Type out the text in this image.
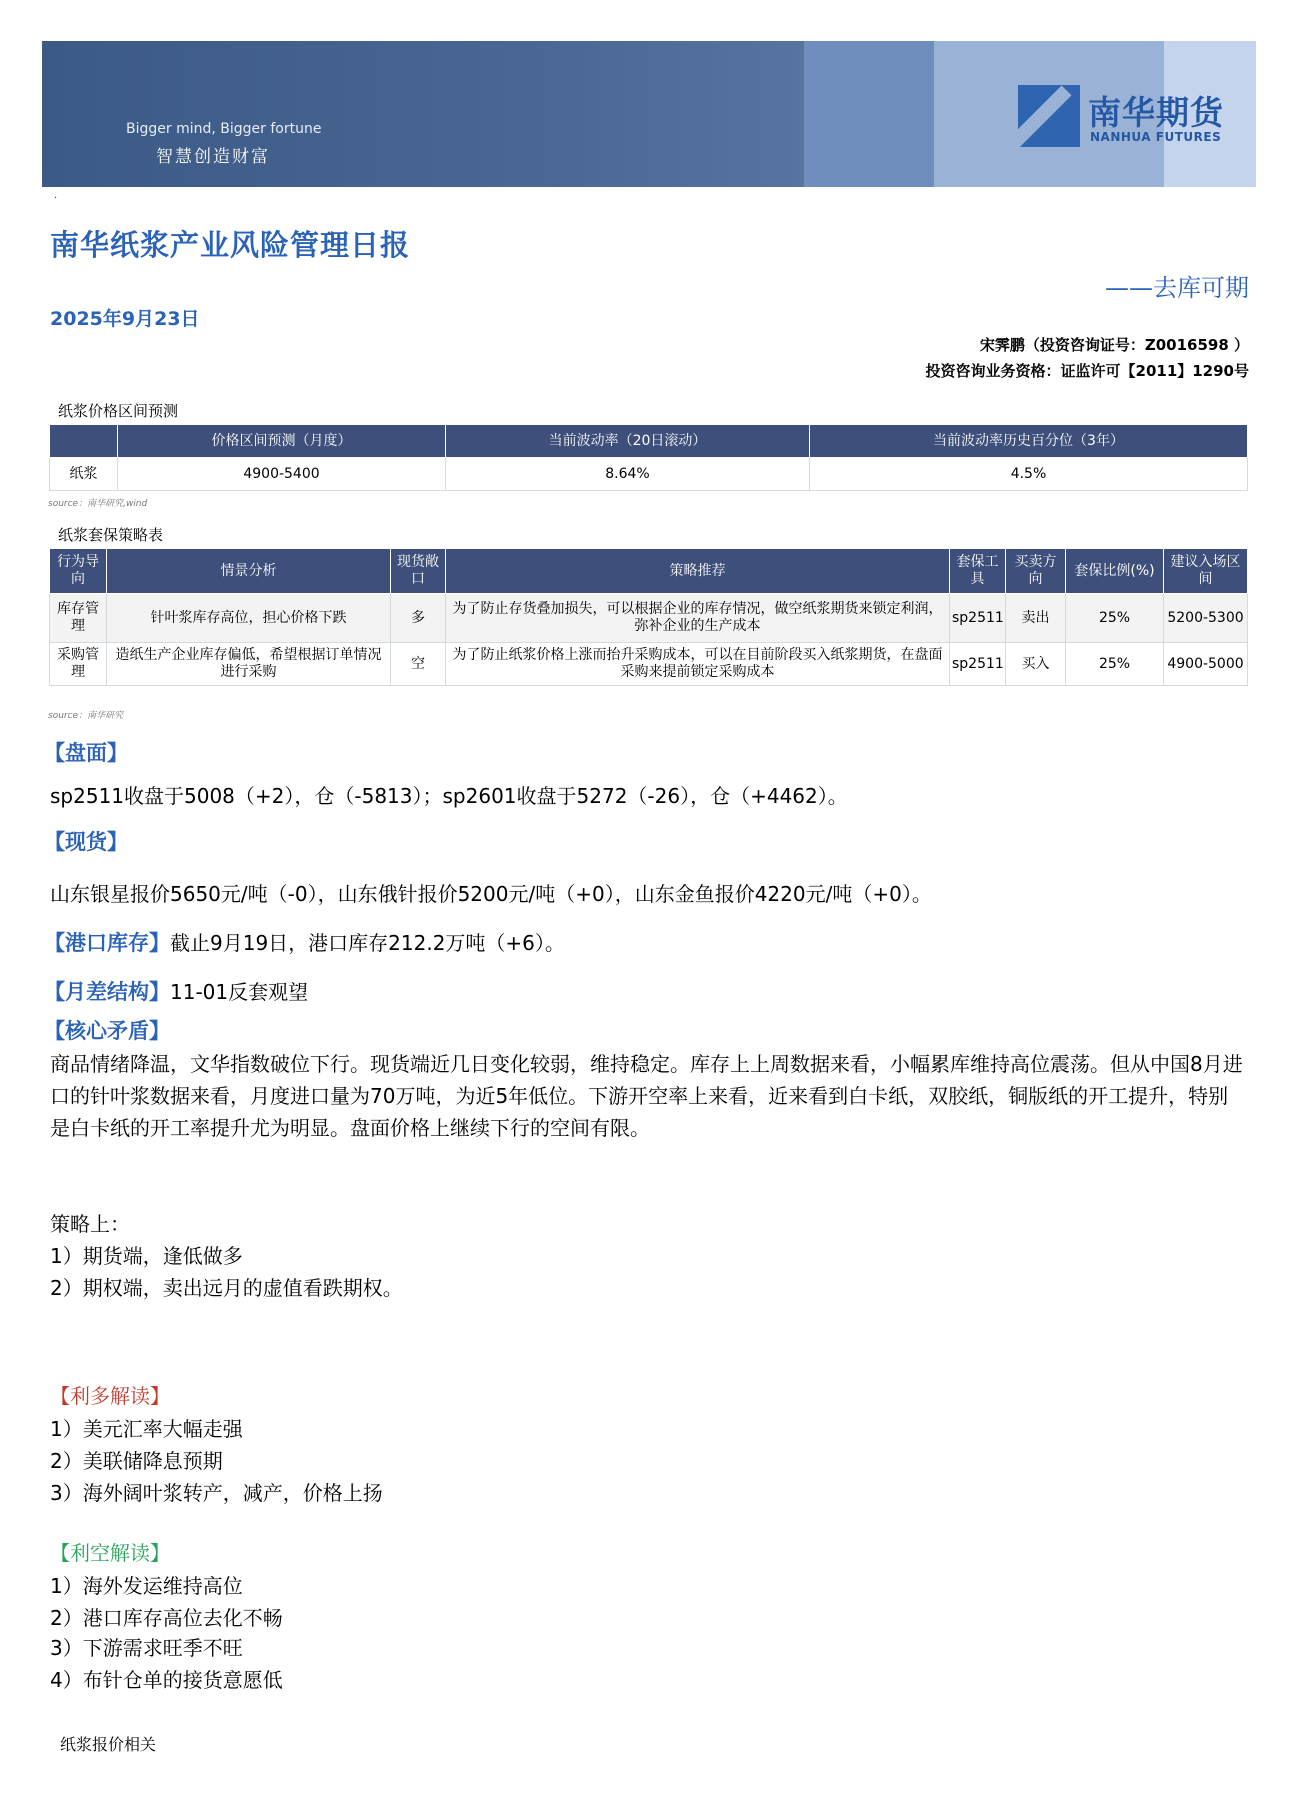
Bigger mind, Bigger fortune
智慧创造财富
南华期货
NANHUA FUTURES
.
南华纸浆产业风险管理日报
——去库可期
2025年9月23日
宋霁鹏（投资咨询证号：Z0016598 ）
投资咨询业务资格：证监许可【2011】1290号
纸浆价格区间预测
	价格区间预测（月度）	当前波动率（20日滚动）	当前波动率历史百分位（3年）
纸浆	4900-5400	8.64%	4.5%
source：南华研究,wind
纸浆套保策略表
行为导向	情景分析	现货敞口	策略推荐	套保工具	买卖方向	套保比例(%)	建议入场区间
库存管理	针叶浆库存高位，担心价格下跌	多	为了防止存货叠加损失，可以根据企业的库存情况，做空纸浆期货来锁定利润，弥补企业的生产成本	sp2511	卖出	25%	5200-5300
采购管理	造纸生产企业库存偏低，希望根据订单情况进行采购	空	为了防止纸浆价格上涨而抬升采购成本，可以在目前阶段买入纸浆期货，在盘面采购来提前锁定采购成本	sp2511	买入	25%	4900-5000
source：南华研究
【盘面】
sp2511收盘于5008（+2），仓（-5813）；sp2601收盘于5272（-26），仓（+4462）。
【现货】
山东银星报价5650元/吨（-0），山东俄针报价5200元/吨（+0），山东金鱼报价4220元/吨（+0）。
【港口库存】截止9月19日，港口库存212.2万吨（+6）。
【月差结构】11-01反套观望
【核心矛盾】
商品情绪降温，文华指数破位下行。现货端近几日变化较弱，维持稳定。库存上上周数据来看，小幅累库维持高位震荡。但从中国8月进口的针叶浆数据来看，月度进口量为70万吨，为近5年低位。下游开空率上来看，近来看到白卡纸，双胶纸，铜版纸的开工提升，特别是白卡纸的开工率提升尤为明显。盘面价格上继续下行的空间有限。
策略上：
1）期货端，逢低做多
2）期权端，卖出远月的虚值看跌期权。
【利多解读】
1）美元汇率大幅走强
2）美联储降息预期
3）海外阔叶浆转产，减产，价格上扬
【利空解读】
1）海外发运维持高位
2）港口库存高位去化不畅
3）下游需求旺季不旺
4）布针仓单的接货意愿低
纸浆报价相关
